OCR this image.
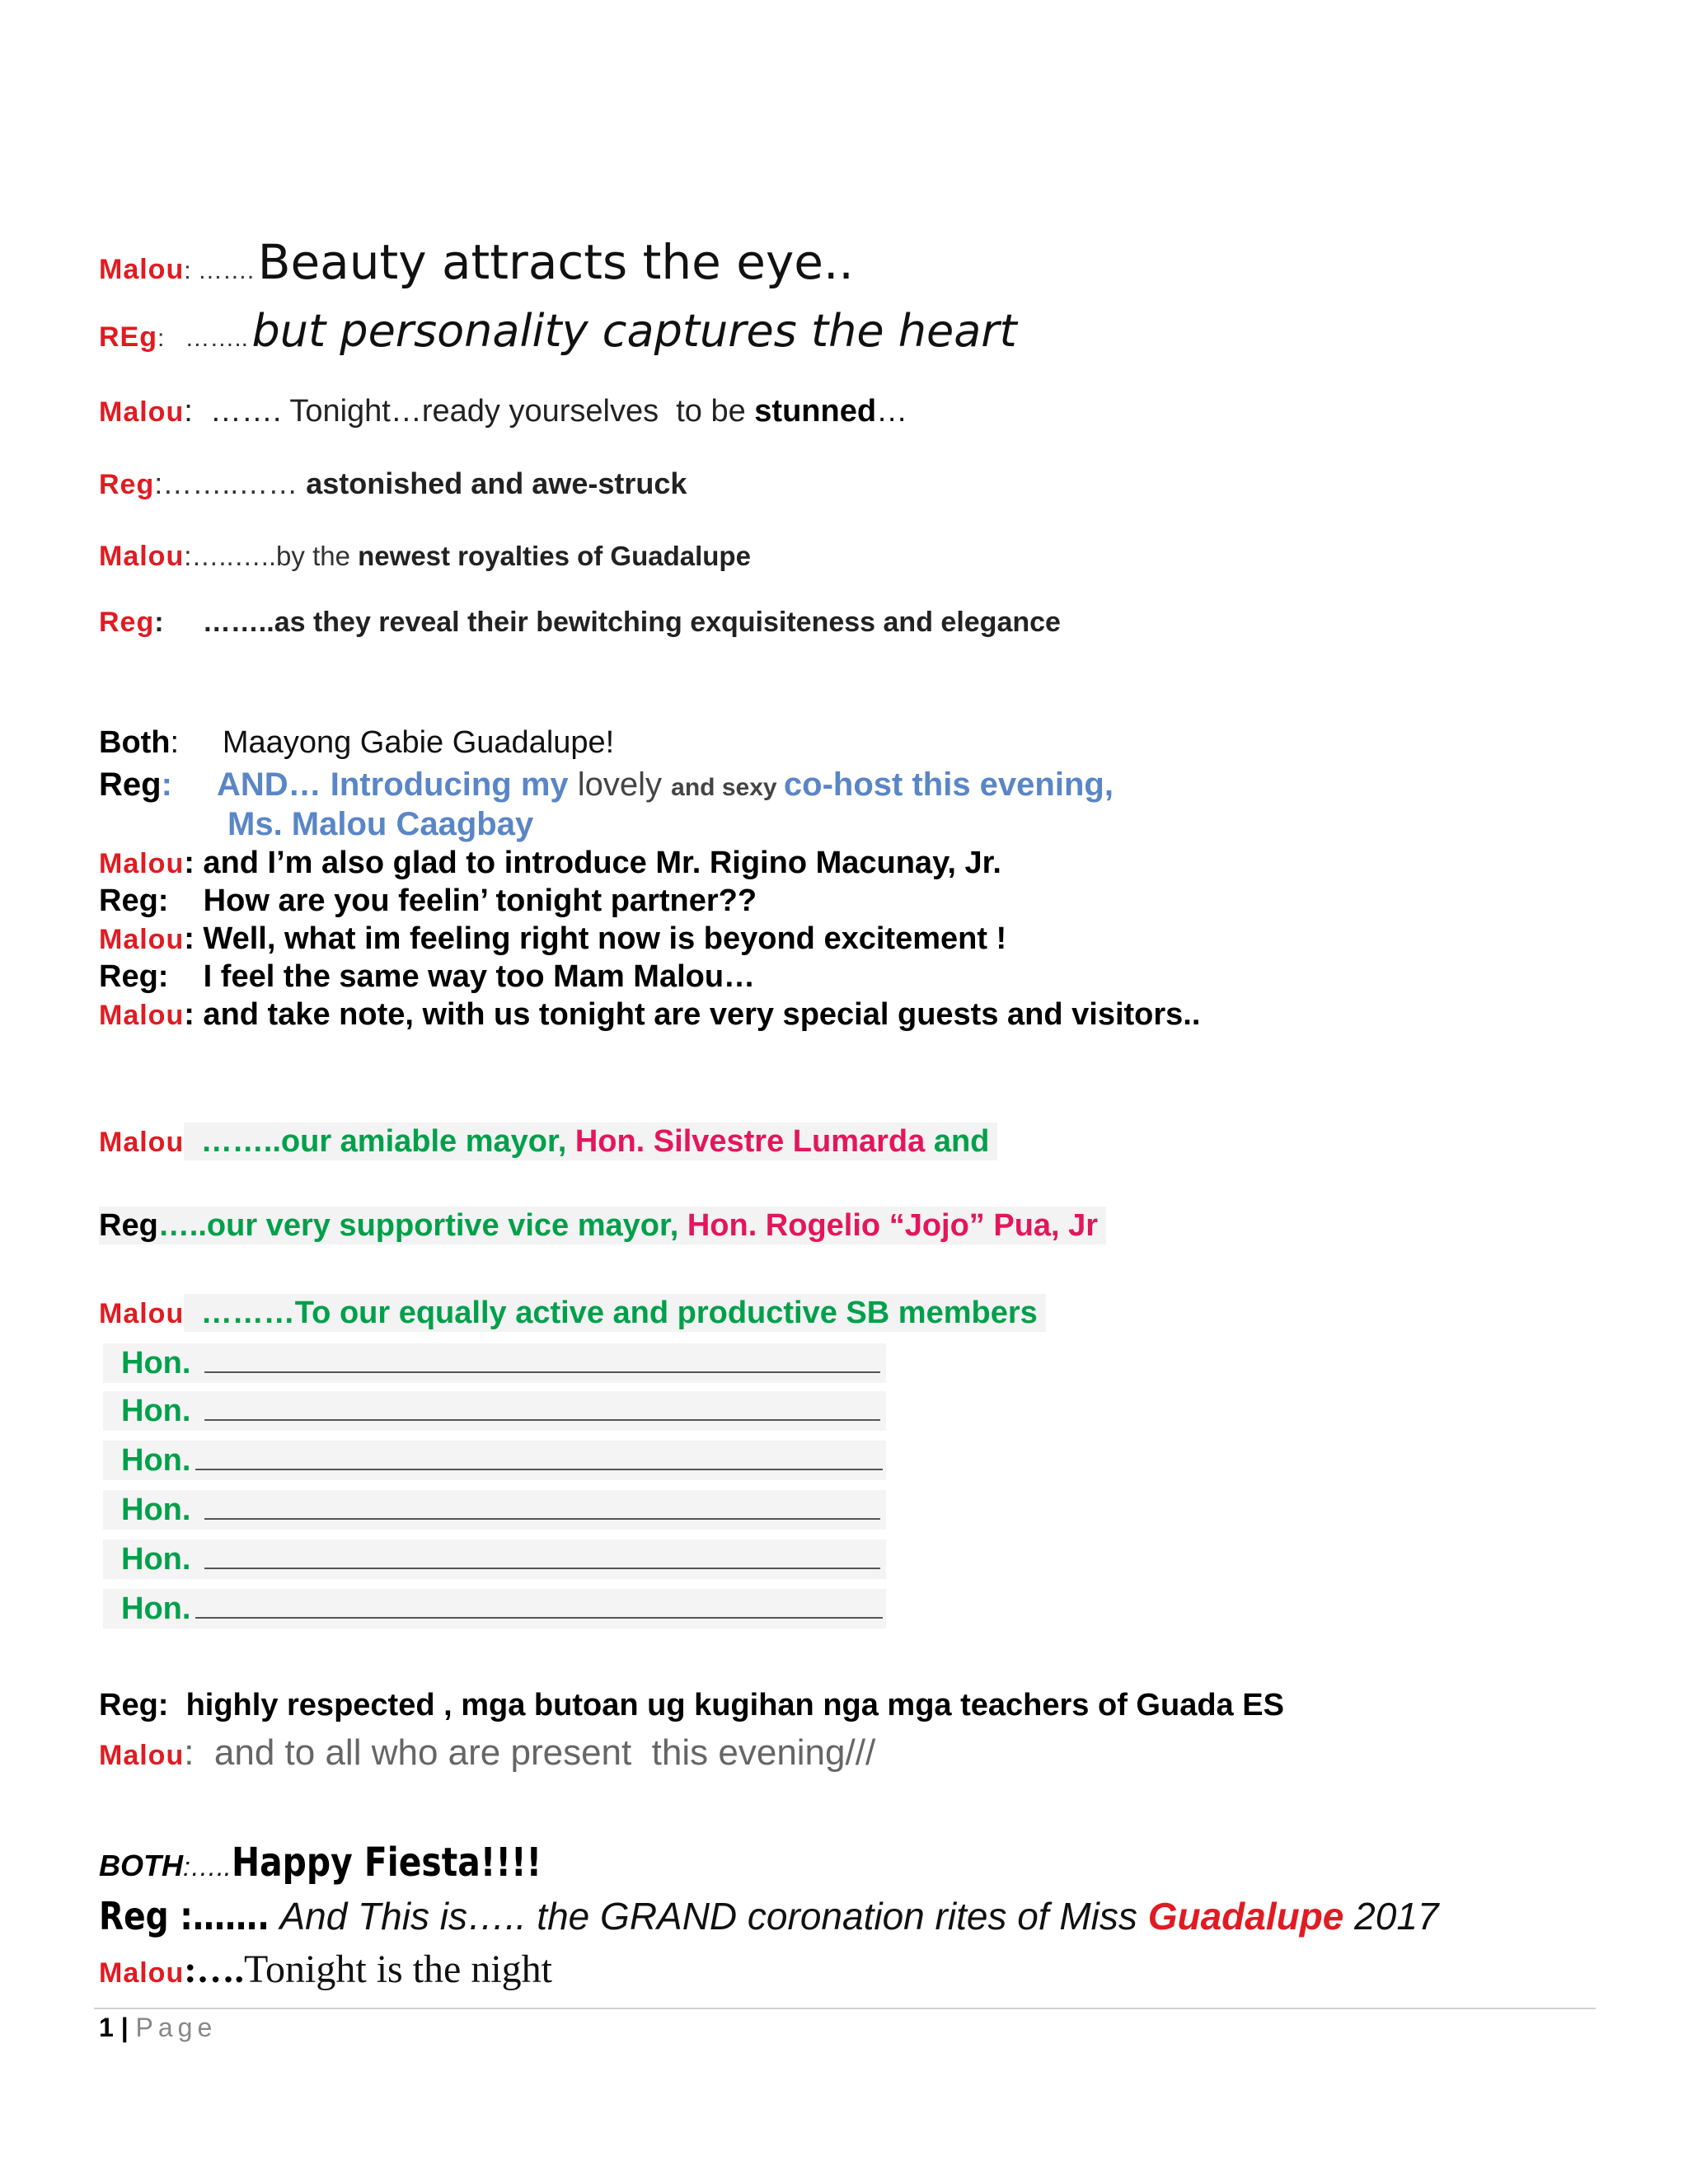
Malou: ……. Beauty attracts the eye..
REg:   …….. but personality captures the heart
Malou:  ……. Tonight…ready yourselves  to be stunned…
Reg:……..…… astonished and awe-struck
Malou:…..…..by the newest royalties of Guadalupe
Reg:     ……..as they reveal their bewitching exquisiteness and elegance
Both:     Maayong Gabie Guadalupe!
Reg:     AND… Introducing my lovely and sexy co-host this evening,
Ms. Malou Caagbay
Malou: and I’m also glad to introduce Mr. Rigino Macunay, Jr.
Reg:    How are you feelin’ tonight partner??
Malou: Well, what im feeling right now is beyond excitement !
Reg:    I feel the same way too Mam Malou…
Malou: and take note, with us tonight are very special guests and visitors..
Malou ……..our amiable mayor, Hon. Silvestre Lumarda and
Reg…..our very supportive vice mayor, Hon. Rogelio “Jojo” Pua, Jr
Malou ………To our equally active and productive SB members
Hon.
Hon.
Hon.
Hon.
Hon.
Hon.
Reg:  highly respected , mga butoan ug kugihan nga mga teachers of Guada ES
Malou:  and to all who are present  this evening///
BOTH:…..Happy Fiesta!!!!
Reg :……. And This is….. the GRAND coronation rites of Miss Guadalupe 2017
Malou:….Tonight is the night
1 | Page
